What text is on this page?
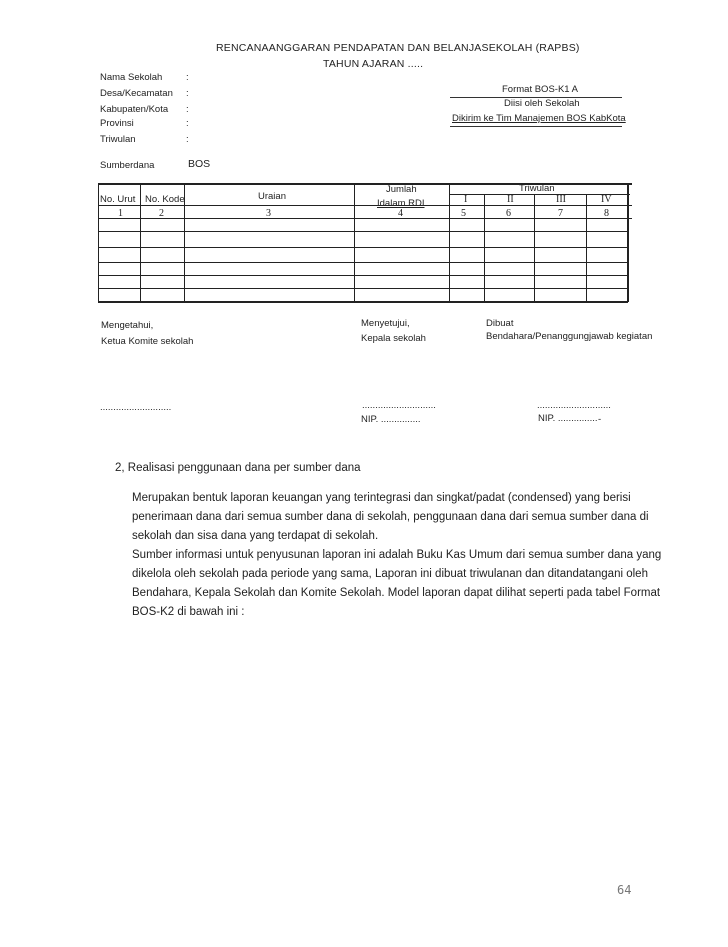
RENCANAANGGARAN PENDAPATAN DAN BELANJASEKOLAH (RAPBS)
TAHUN AJARAN .....
Nama Sekolah :
Desa/Kecamatan :
Kabupaten/Kota :
Provinsi	:
Triwulan	:
Format BOS-K1 A
Diisi oleh Sekolah
Dikirim ke Tim Manajemen BOS KabKota
Sumberdana	BOS
No. Urut No. Kode	Uraian
Jumlah
Idalam RDI
Triwulan
I	II	III	IV
1	2	3	4	5	6	7	8
Mengetahui,
Ketua Komite sekolah
...........................
Menyetujui,
Kepala sekolah
............................
NIP. ...............
Dibuat
Bendahara/Penanggungjawab kegiatan
............................
NIP. ............... -
2, Realisasi penggunaan dana per sumber dana
Merupakan bentuk laporan keuangan yang terintegrasi dan singkat/padat (condensed) yang berisi
penerimaan dana dari semua sumber dana di sekolah, penggunaan dana dari semua sumber dana di
sekolah dan sisa dana yang terdapat di sekolah.
Sumber informasi untuk penyusunan laporan ini adalah Buku Kas Umum dari semua sumber dana yang
dikelola oleh sekolah pada periode yang sama, Laporan ini dibuat triwulanan dan ditandatangani oleh
Bendahara, Kepala Sekolah dan Komite Sekolah. Model laporan dapat dilihat seperti pada tabel Format
BOS-K2 di bawah ini :
64
